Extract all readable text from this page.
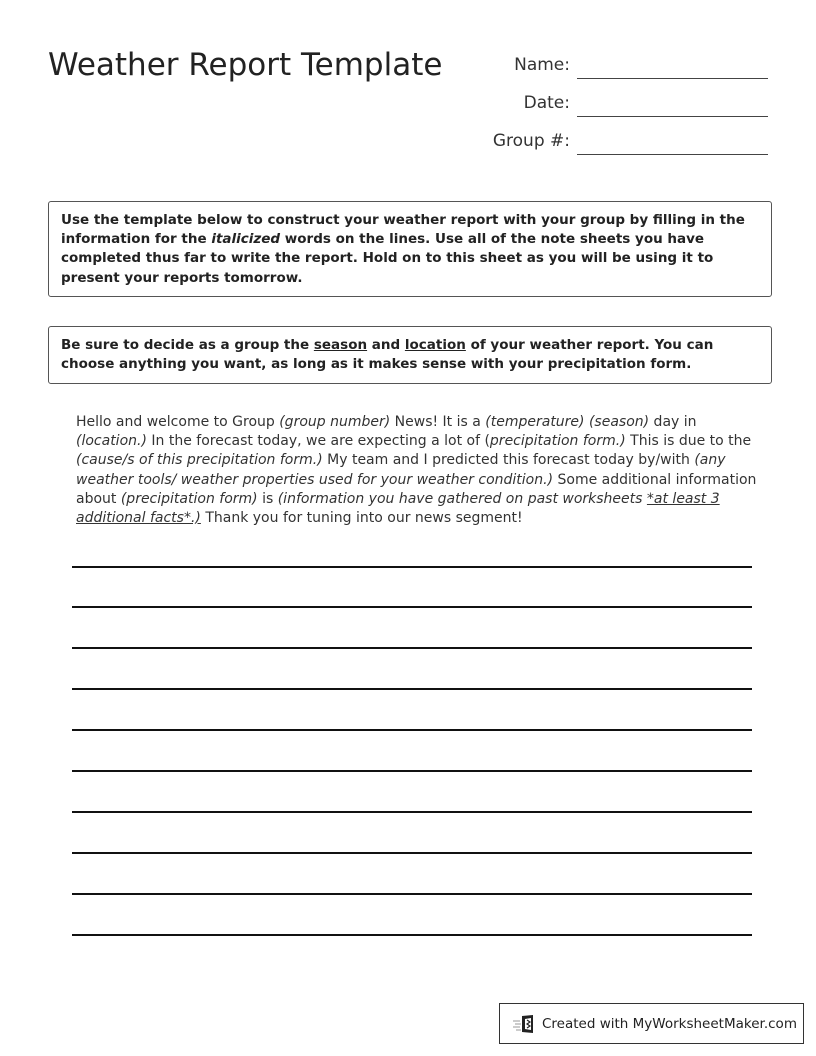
Weather Report Template	Name:
Date:
Group #:
Use the template below to construct your weather report with your group by filling in the information for the italicized words on the lines. Use all of the note sheets you have completed thus far to write the report. Hold on to this sheet as you will be using it to present your reports tomorrow.
Be sure to decide as a group the season and location of your weather report. You can choose anything you want, as long as it makes sense with your precipitation form.
Hello and welcome to Group (group number) News! It is a (temperature) (season) day in (location.) In the forecast today, we are expecting a lot of (precipitation form.) This is due to the (cause/s of this precipitation form.) My team and I predicted this forecast today by/with (any weather tools/ weather properties used for your weather condition.) Some additional information about (precipitation form) is (information you have gathered on past worksheets *at least 3 additional facts*.) Thank you for tuning into our news segment!
Created with MyWorksheetMaker.com
